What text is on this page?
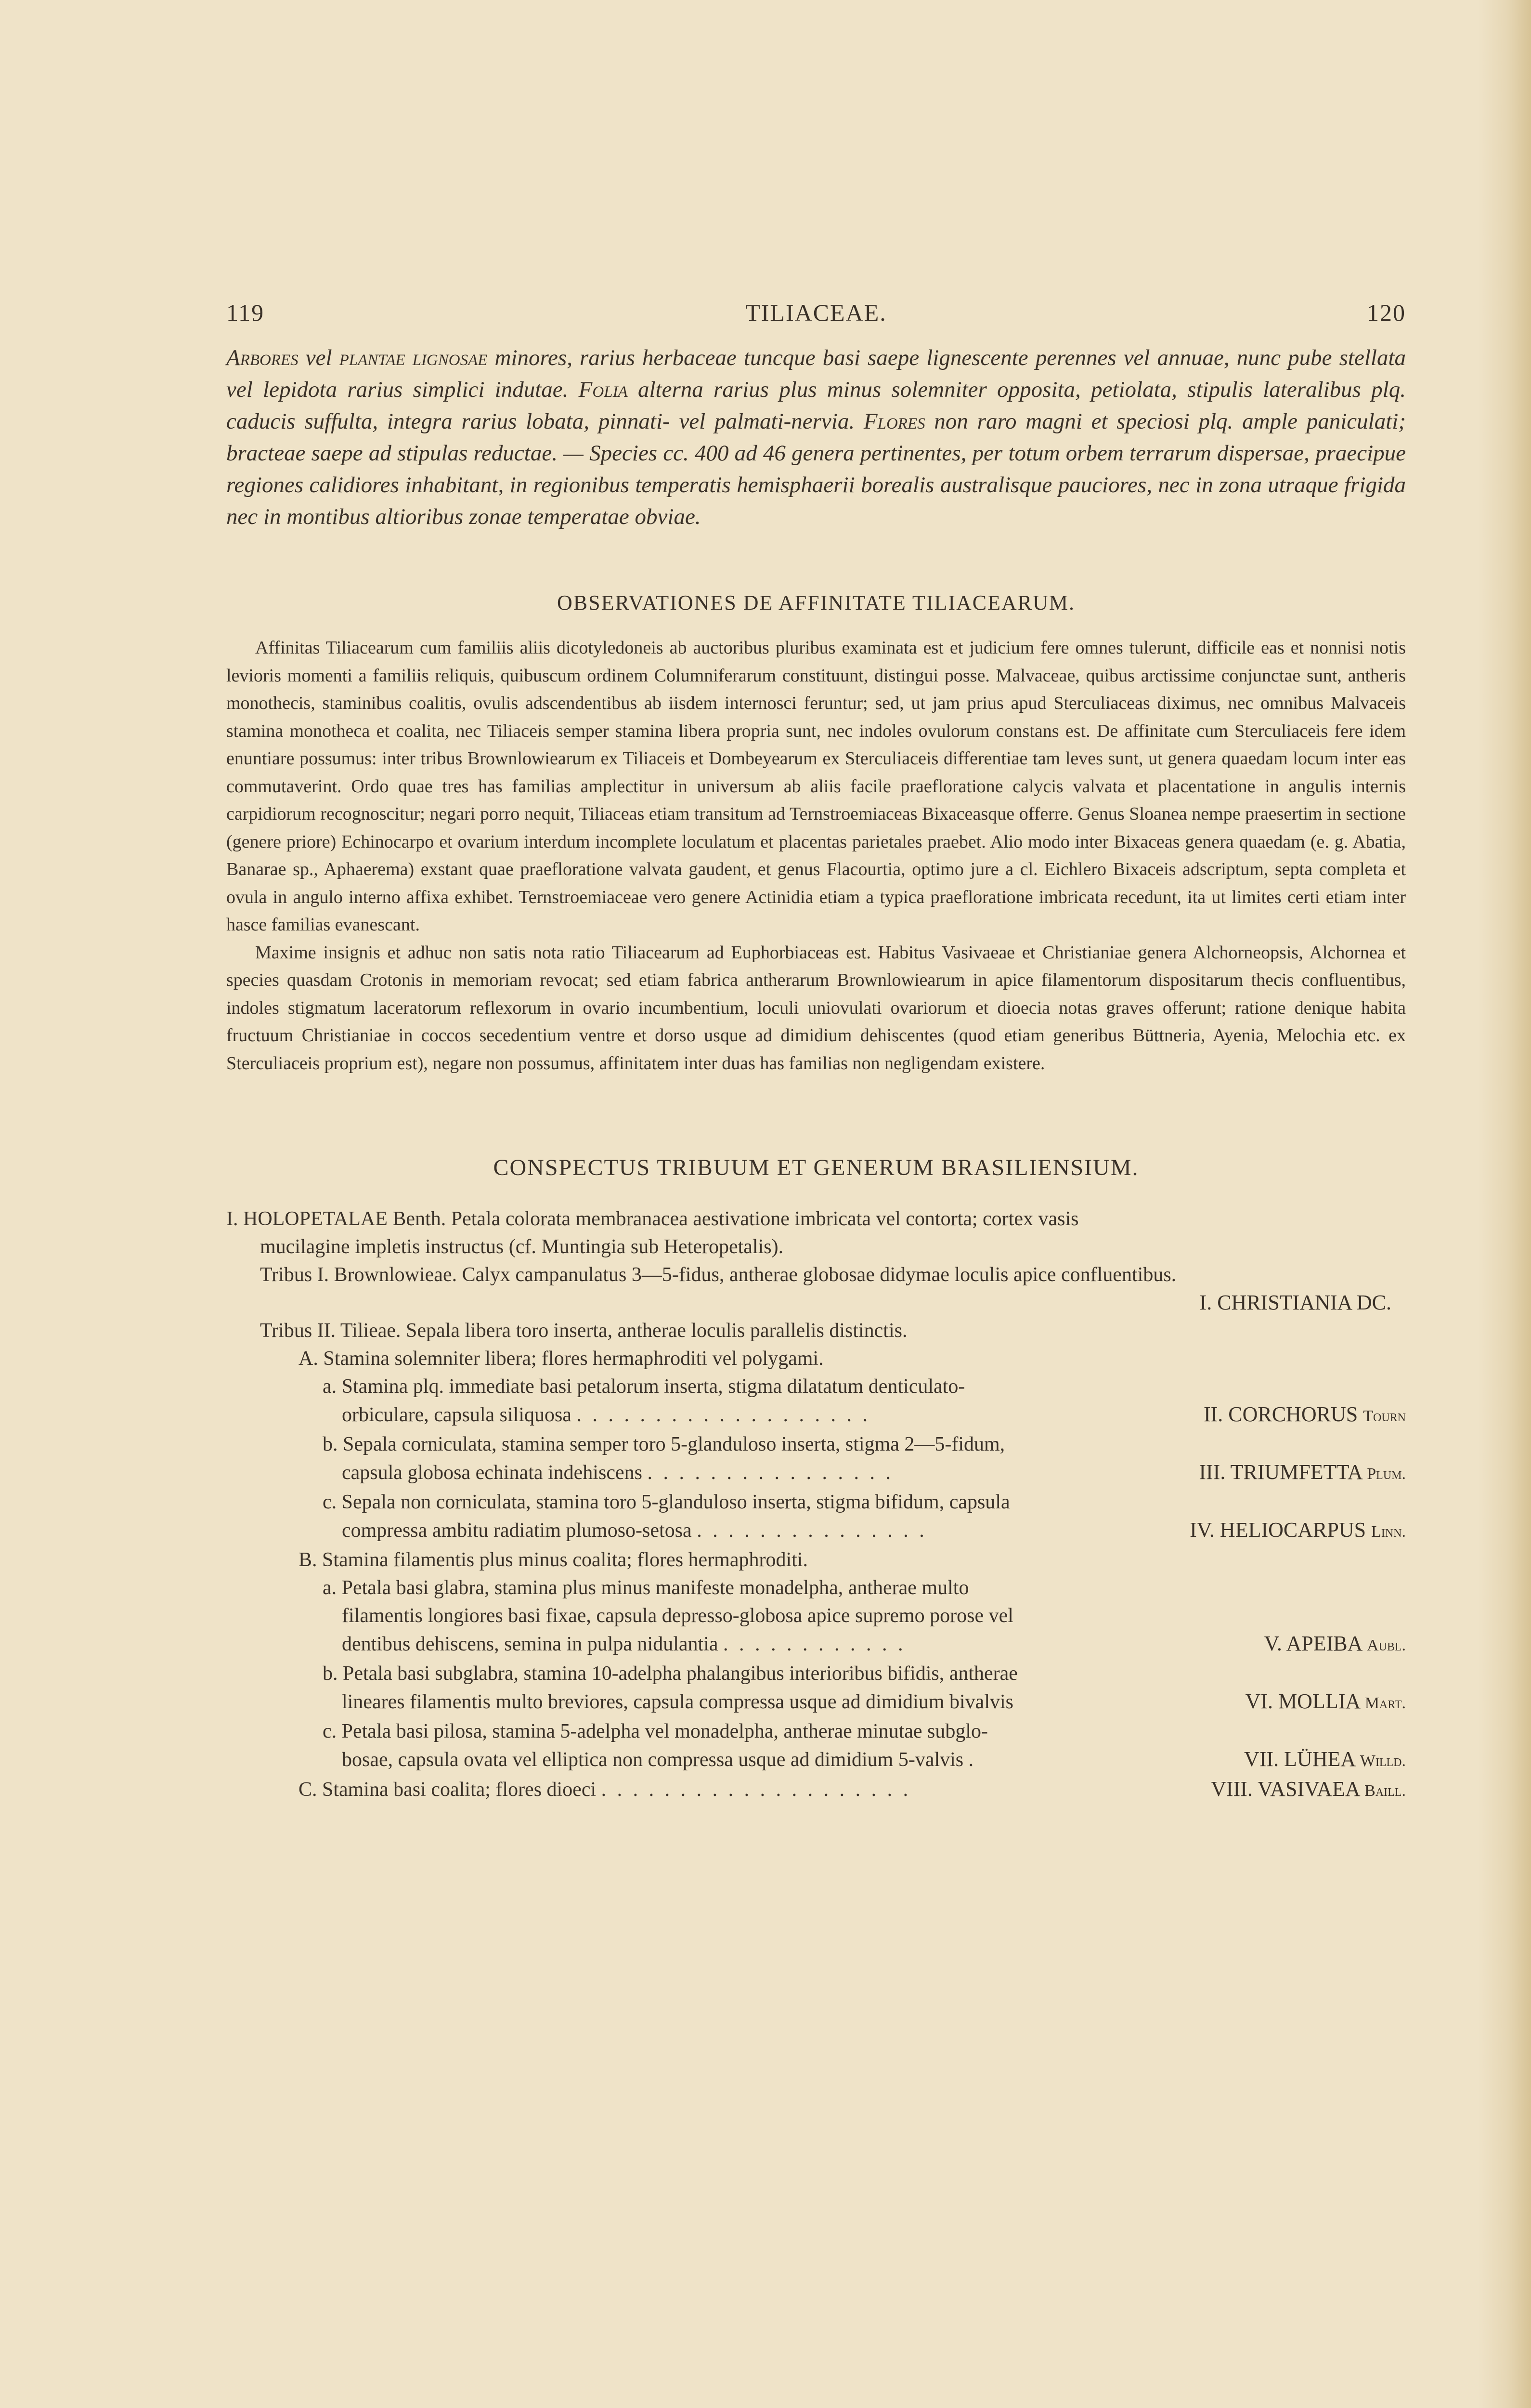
119	TILIACEAE.	120
Arbores vel plantae lignosae minores, rarius herbaceae tuncque basi saepe lignescente perennes vel annuae, nunc pube stellata vel lepidota rarius simplici indutae. Folia alterna rarius plus minus solemniter opposita, petiolata, stipulis lateralibus plq. caducis suffulta, integra rarius lobata, pinnati- vel palmati-nervia. Flores non raro magni et speciosi plq. ample paniculati; bracteae saepe ad stipulas reductae. — Species cc. 400 ad 46 genera pertinentes, per totum orbem terrarum dispersae, praecipue regiones calidiores inhabitant, in regionibus temperatis hemisphaerii borealis australisque pauciores, nec in zona utraque frigida nec in montibus altioribus zonae temperatae obviae.
OBSERVATIONES DE AFFINITATE TILIACEARUM.

Affinitas Tiliacearum cum familiis aliis dicotyledoneis ab auctoribus pluribus examinata est et judicium fere omnes tulerunt, difficile eas et nonnisi notis levioris momenti a familiis reliquis, quibuscum ordinem Columniferarum constituunt, distingui posse. Malvaceae, quibus arctissime conjunctae sunt, antheris monothecis, staminibus coalitis, ovulis adscendentibus ab iisdem internosci feruntur; sed, ut jam prius apud Sterculiaceas diximus, nec omnibus Malvaceis stamina monotheca et coalita, nec Tiliaceis semper stamina libera propria sunt, nec indoles ovulorum constans est. De affinitate cum Sterculiaceis fere idem enuntiare possumus: inter tribus Brownlowiearum ex Tiliaceis et Dombeyearum ex Sterculiaceis differentiae tam leves sunt, ut genera quaedam locum inter eas commutaverint. Ordo quae tres has familias amplectitur in universum ab aliis facile praefloratione calycis valvata et placentatione in angulis internis carpidiorum recognoscitur; negari porro nequit, Tiliaceas etiam transitum ad Ternstroemiaceas Bixaceasque offerre. Genus Sloanea nempe praesertim in sectione (genere priore) Echinocarpo et ovarium interdum incomplete loculatum et placentas parietales praebet. Alio modo inter Bixaceas genera quaedam (e. g. Abatia, Banarae sp., Aphaerema) exstant quae praefloratione valvata gaudent, et genus Flacourtia, optimo jure a cl. Eichlero Bixaceis adscriptum, septa completa et ovula in angulo interno affixa exhibet. Ternstroemiaceae vero genere Actinidia etiam a typica praefloratione imbricata recedunt, ita ut limites certi etiam inter hasce familias evanescant.

Maxime insignis et adhuc non satis nota ratio Tiliacearum ad Euphorbiaceas est. Habitus Vasivaeae et Christianiae genera Alchorneopsis, Alchornea et species quasdam Crotonis in memoriam revocat; sed etiam fabrica antherarum Brownlowiearum in apice filamentorum dispositarum thecis confluentibus, indoles stigmatum laceratorum reflexorum in ovario incumbentium, loculi uniovulati ovariorum et dioecia notas graves offerunt; ratione denique habita fructuum Christianiae in coccos secedentium ventre et dorso usque ad dimidium dehiscentes (quod etiam generibus Büttneria, Ayenia, Melochia etc. ex Sterculiaceis proprium est), negare non possumus, affinitatem inter duas has familias non negligendam existere.

CONSPECTUS TRIBUUM ET GENERUM BRASILIENSIUM.
I. HOLOPETALAE Benth. Petala colorata membranacea aestivatione imbricata vel contorta; cortex vasis
mucilagine impletis instructus (cf. Muntingia sub Heteropetalis).
Tribus I. Brownlowieae. Calyx campanulatus 3—5-fidus, antherae globosae didymae loculis apice confluentibus.
I. CHRISTIANIA DC.
Tribus II. Tilieae. Sepala libera toro inserta, antherae loculis parallelis distinctis.
A. Stamina solemniter libera; flores hermaphroditi vel polygami.
a. Stamina plq. immediate basi petalorum inserta, stigma dilatatum denticulato-
orbiculare, capsula siliquosa . . . . . . . . . . . . . . . . . . .	II. CORCHORUS Tourn
b. Sepala corniculata, stamina semper toro 5-glanduloso inserta, stigma 2—5-fidum,
capsula globosa echinata indehiscens . . . . . . . . . . . . . . . .	III. TRIUMFETTA Plum.
c. Sepala non corniculata, stamina toro 5-glanduloso inserta, stigma bifidum, capsula
compressa ambitu radiatim plumoso-setosa . . . . . . . . . . . . . . .	IV. HELIOCARPUS Linn.
B. Stamina filamentis plus minus coalita; flores hermaphroditi.
a. Petala basi glabra, stamina plus minus manifeste monadelpha, antherae multo
filamentis longiores basi fixae, capsula depresso-globosa apice supremo porose vel
dentibus dehiscens, semina in pulpa nidulantia . . . . . . . . . . . .	V. APEIBA Aubl.
b. Petala basi subglabra, stamina 10-adelpha phalangibus interioribus bifidis, antherae
lineares filamentis multo breviores, capsula compressa usque ad dimidium bivalvis	VI. MOLLIA Mart.
c. Petala basi pilosa, stamina 5-adelpha vel monadelpha, antherae minutae subglo-
bosae, capsula ovata vel elliptica non compressa usque ad dimidium 5-valvis .	VII. LÜHEA Willd.
C. Stamina basi coalita; flores dioeci . . . . . . . . . . . . . . . . . . . .	VIII. VASIVAEA Baill.
